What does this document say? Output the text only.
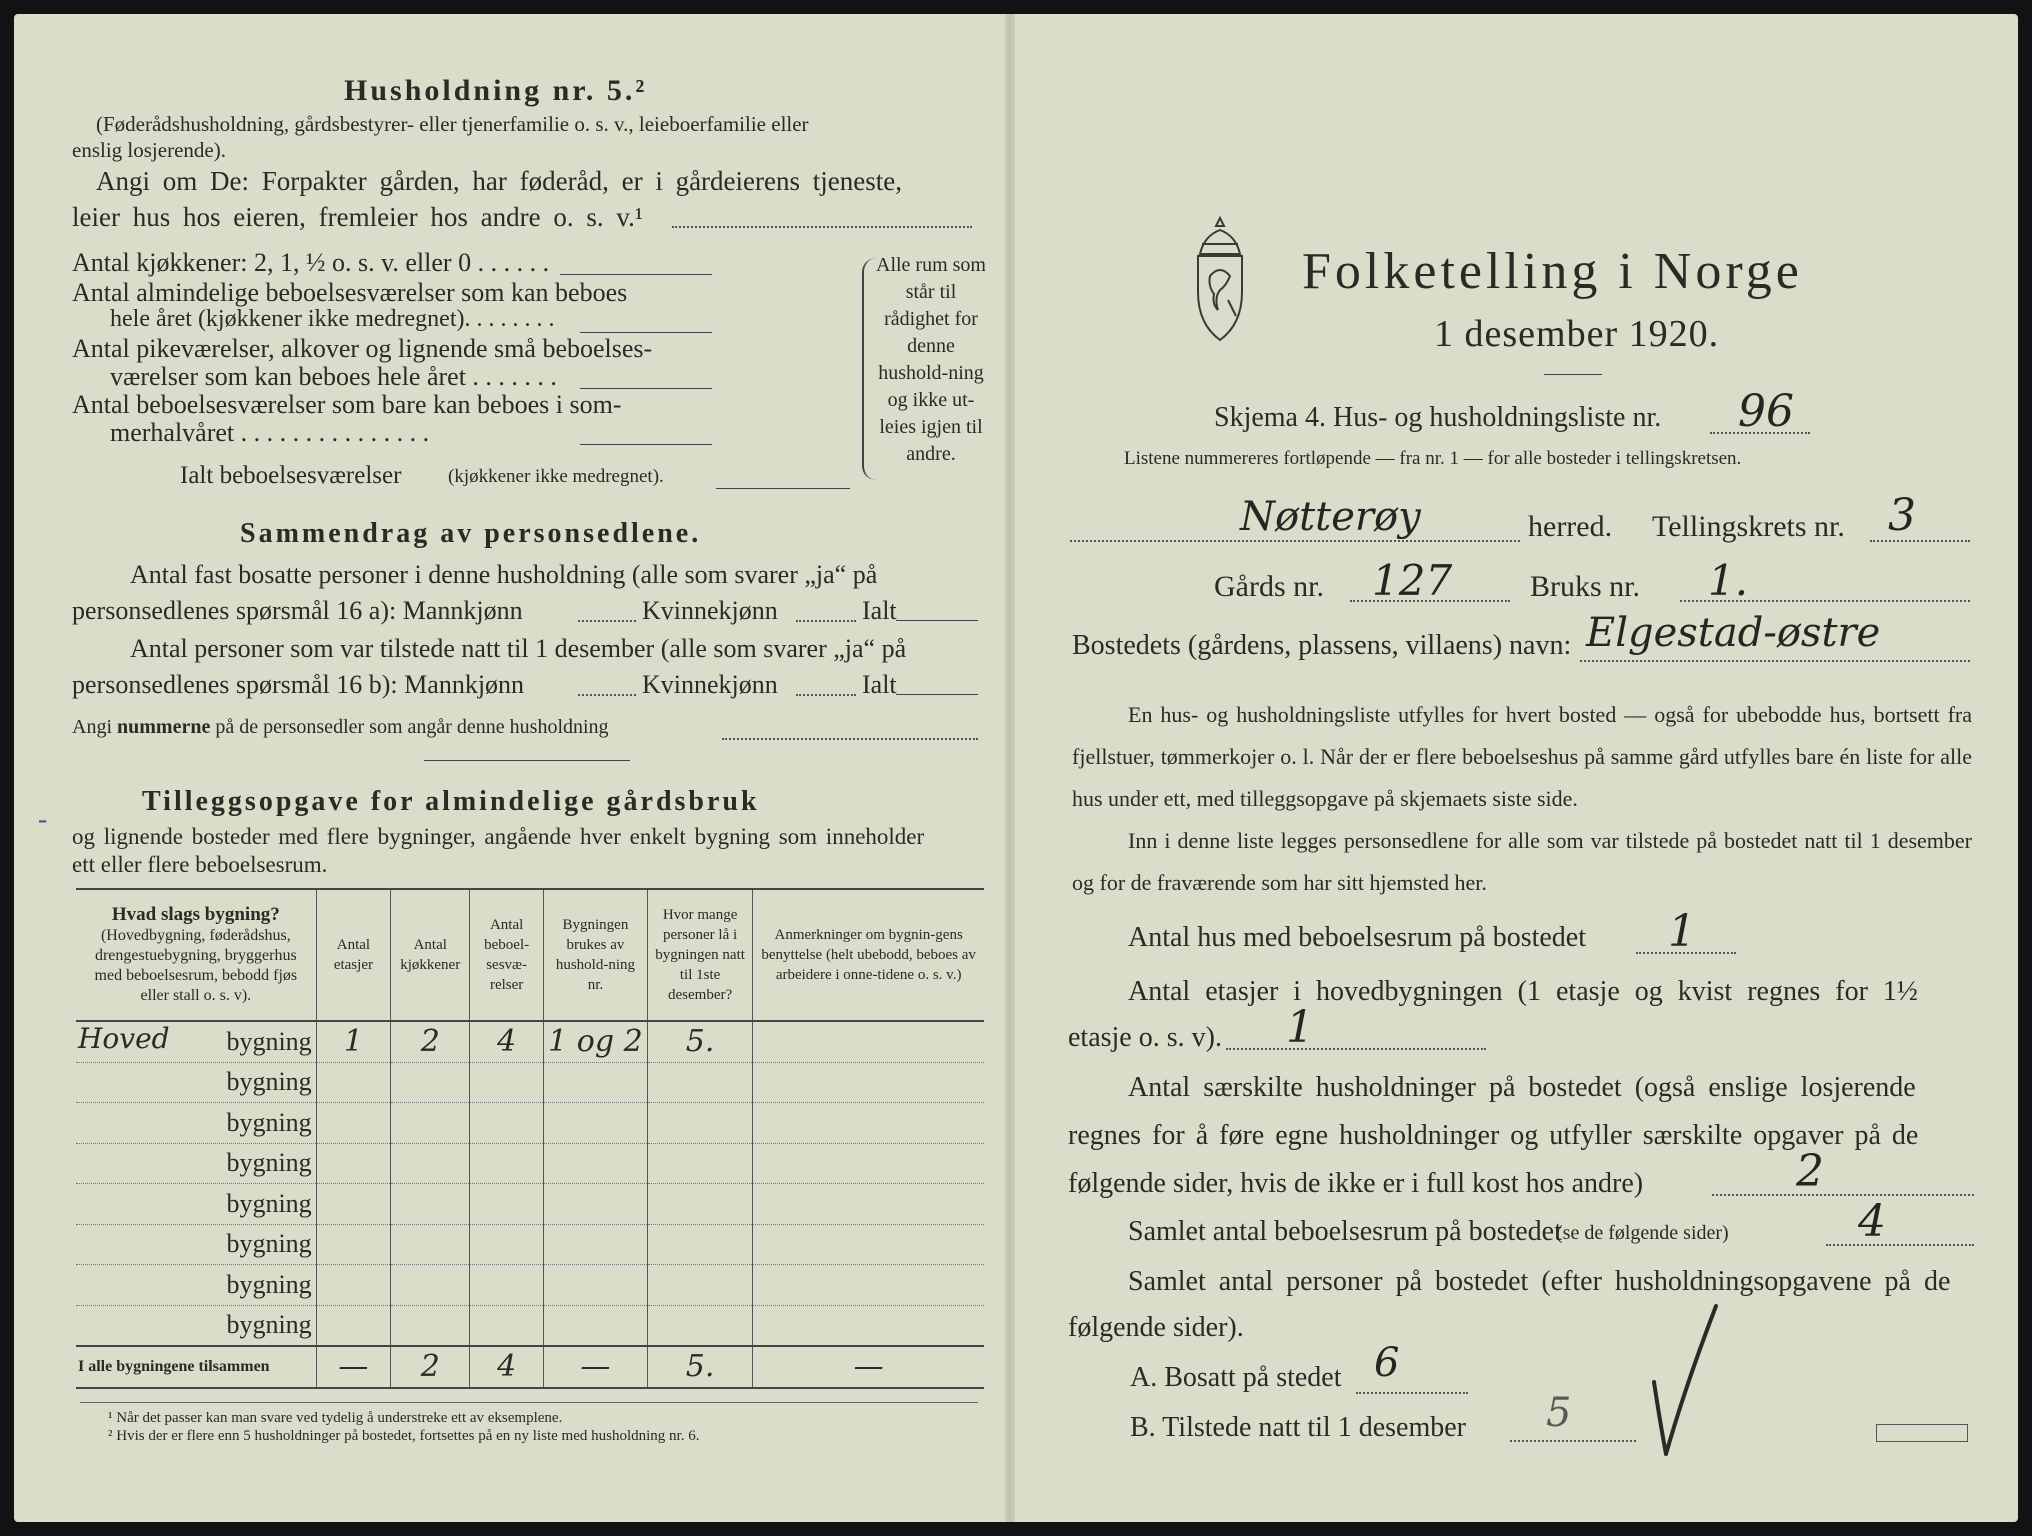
Husholdning nr. 5.²
(Føderådshusholdning, gårdsbestyrer- eller tjenerfamilie o. s. v., leieboerfamilie eller
enslig losjerende).
Angi om De: Forpakter gården, har føderåd, er i gårdeierens tjeneste,
leier hus hos eieren, fremleier hos andre o. s. v.¹
Antal kjøkkener: 2, 1, ½ o. s. v. eller 0 . . . . . .
Antal almindelige beboelsesværelser som kan beboes
hele året (kjøkkener ikke medregnet). . . . . . . .
Antal pikeværelser, alkover og lignende små beboelses-
værelser som kan beboes hele året . . . . . . .
Antal beboelsesværelser som bare kan beboes i som-
merhalvåret . . . . . . . . . . . . . . .
Ialt beboelsesværelser (kjøkkener ikke medregnet).
Alle rum som står til rådighet for denne hushold-ning og ikke ut-leies igjen til andre.
Sammendrag av personsedlene.
Antal fast bosatte personer i denne husholdning (alle som svarer „ja“ på
personsedlenes spørsmål 16 a): Mannkjønn	Kvinnekjønn	Ialt
Antal personer som var tilstede natt til 1 desember (alle som svarer „ja“ på
personsedlenes spørsmål 16 b): Mannkjønn	Kvinnekjønn	Ialt
Angi nummerne på de personsedler som angår denne husholdning
-
Tilleggsopgave for almindelige gårdsbruk
og lignende bosteder med flere bygninger, angående hver enkelt bygning som inneholder
ett eller flere beboelsesrum.
Hvad slags bygning?
(Hovedbygning, føderådshus, drengestuebygning, bryggerhus med beboelsesrum, bebodd fjøs eller stall o. s. v).	Antal etasjer	Antal kjøkkener	Antal beboel-sesvæ-relser	Bygningen brukes av hushold-ning nr.	Hvor mange personer lå i bygningen natt til 1ste desember?	Anmerkninger om bygnin-gens benyttelse (helt ubebodd, beboes av arbeidere i onne-tidene o. s. v.)

Hoved bygning	1	2	4	1 og 2	5.	

bygning						

bygning						

bygning						

bygning						

bygning						

bygning						

bygning						
I alle bygningene tilsammen	—	2	4	—	5.	—
¹ Når det passer kan man svare ved tydelig å understreke ett av eksemplene.
² Hvis der er flere enn 5 husholdninger på bostedet, fortsettes på en ny liste med husholdning nr. 6.
Folketelling i Norge
1 desember 1920.
Skjema 4. Hus- og husholdningsliste nr. 96
Listene nummereres fortløpende — fra nr. 1 — for alle bosteder i tellingskretsen.
Nøtterøy	herred. Tellingskrets nr. 3
Gårds nr. 127	Bruks nr. 1.
Bostedets (gårdens, plassens, villaens) navn: Elgestad-østre
En hus- og husholdningsliste utfylles for hvert bosted — også for ubebodde hus, bortsett fra fjellstuer, tømmerkojer o. l. Når der er flere beboelseshus på samme gård utfylles bare én liste for alle hus under ett, med tilleggsopgave på skjemaets siste side.
Inn i denne liste legges personsedlene for alle som var tilstede på bostedet natt til 1 desember og for de fraværende som har sitt hjemsted her.
Antal hus med beboelsesrum på bostedet 1
Antal etasjer i hovedbygningen (1 etasje og kvist regnes for 1½
etasje o. s. v). 1
Antal særskilte husholdninger på bostedet (også enslige losjerende
regnes for å føre egne husholdninger og utfyller særskilte opgaver på de
følgende sider, hvis de ikke er i full kost hos andre)	2
Samlet antal beboelsesrum på bostedet
(se de følgende sider)	4
Samlet antal personer på bostedet (efter husholdningsopgavene på de
følgende sider).
A. Bosatt på stedet 6
B. Tilstede natt til 1 desember 5
